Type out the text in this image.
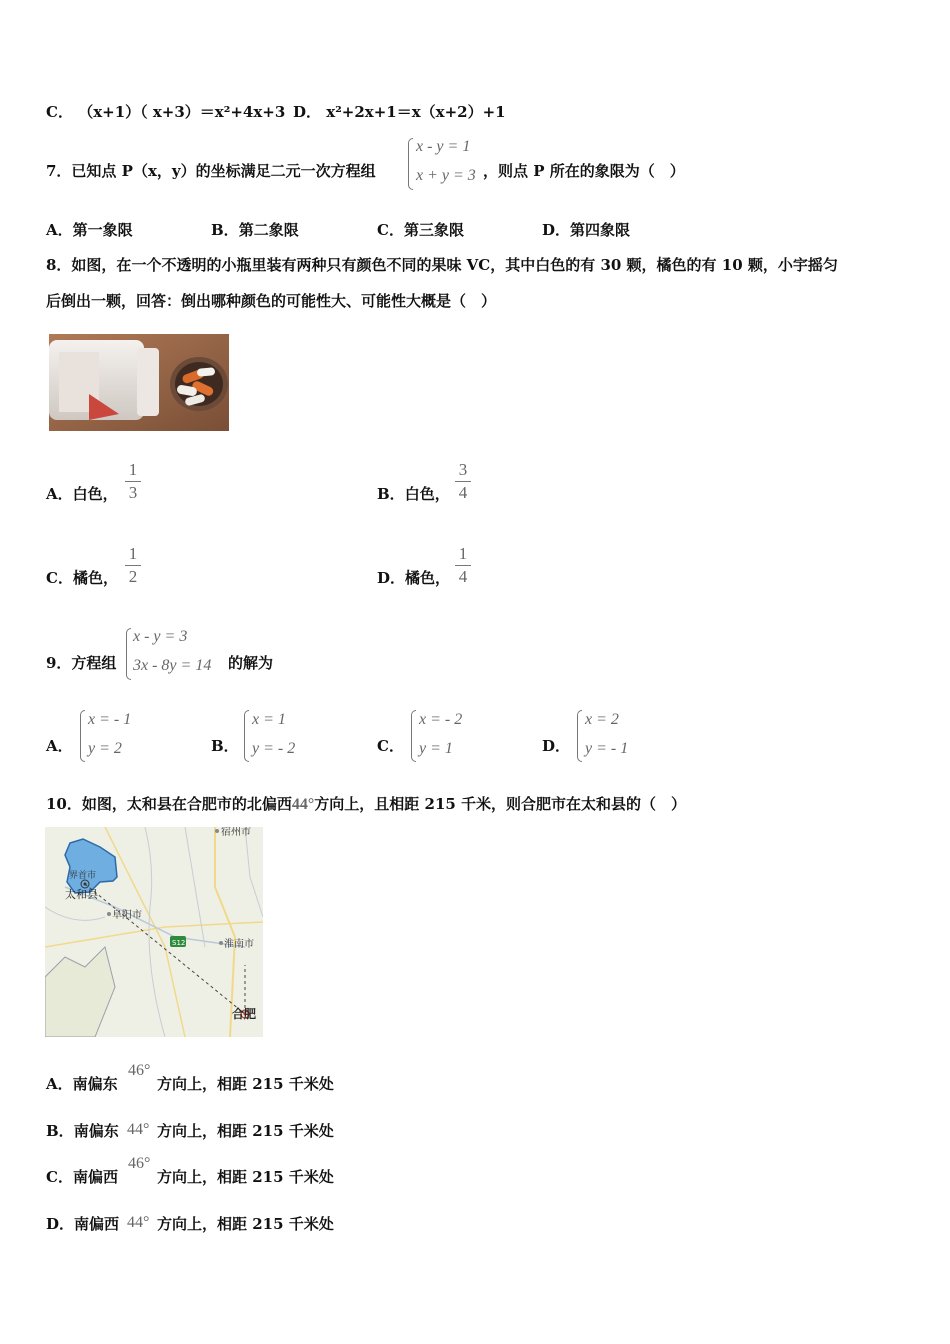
C． （x+1）（ x+3）＝x²+4x+3 D． x²+2x+1＝x（x+2）+1
7．已知点 P（x，y）的坐标满足二元一次方程组
x - y = 1
x + y = 3 ，则点 P 所在的象限为（　）
A．第一象限	B．第二象限	C．第三象限	D．第四象限
8．如图，在一个不透明的小瓶里装有两种只有颜色不同的果味 VC，其中白色的有 30 颗，橘色的有 10 颗，小宇摇匀
后倒出一颗，回答：倒出哪种颜色的可能性大、可能性大概是（　）
A．白色，
1
3	B．白色，
3
4
C．橘色，
1
2	D．橘色，
1
4
9．方程组
x - y = 3
3x - 8y = 14 的解为
A．
x = - 1
y = 2	B．
x = 1
y = - 2	C．
x = - 2
y = 1	D．
x = 2
y = - 1
10．如图，太和县在合肥市的北偏西44°方向上，且相距 215 千米，则合肥市在太和县的（　）
宿州市
界首市
太和县
阜阳市
S12	淮南市
合肥
A．南偏东
46°
方向上，相距 215 千米处
B．南偏东 44° 方向上，相距 215 千米处
C．南偏西
46°
方向上，相距 215 千米处
D．南偏西 44° 方向上，相距 215 千米处
